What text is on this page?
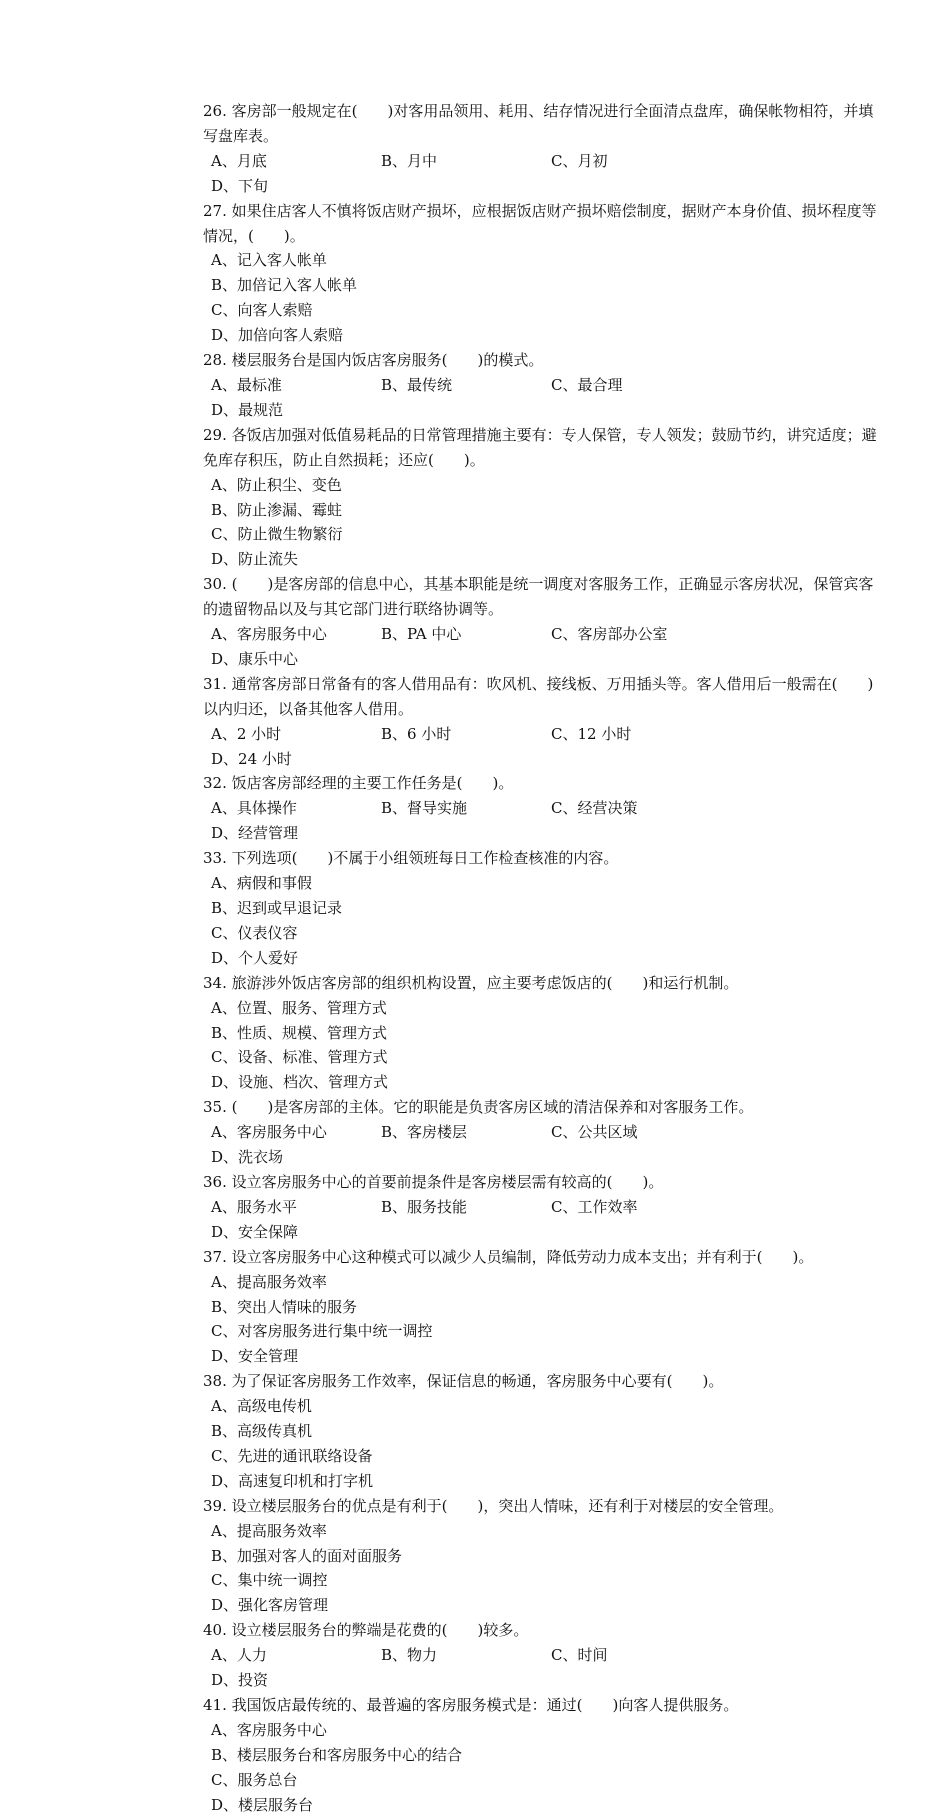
26. 客房部一般规定在(　　)对客用品领用、耗用、结存情况进行全面清点盘库，确保帐物相符，并填写盘库表。

A、月底	B、月中	C、月初
D、下旬

27. 如果住店客人不慎将饭店财产损坏，应根据饭店财产损坏赔偿制度，据财产本身价值、损坏程度等情况，(　　)。

A、记入客人帐单
B、加倍记入客人帐单
C、向客人索赔
D、加倍向客人索赔

28. 楼层服务台是国内饭店客房服务(　　)的模式。

A、最标准	B、最传统	C、最合理
D、最规范

29. 各饭店加强对低值易耗品的日常管理措施主要有：专人保管，专人领发；鼓励节约，讲究适度；避免库存积压，防止自然损耗；还应(　　)。

A、防止积尘、变色
B、防止渗漏、霉蛀
C、防止微生物繁衍
D、防止流失

30. (　　)是客房部的信息中心，其基本职能是统一调度对客服务工作，正确显示客房状况，保管宾客的遗留物品以及与其它部门进行联络协调等。

A、客房服务中心	B、PA 中心	C、客房部办公室
D、康乐中心

31. 通常客房部日常备有的客人借用品有：吹风机、接线板、万用插头等。客人借用后一般需在(　　)以内归还，以备其他客人借用。

A、2 小时	B、6 小时	C、12 小时
D、24 小时

32. 饭店客房部经理的主要工作任务是(　　)。

A、具体操作	B、督导实施	C、经营决策
D、经营管理

33. 下列选项(　　)不属于小组领班每日工作检查核准的内容。

A、病假和事假
B、迟到或早退记录
C、仪表仪容
D、个人爱好

34. 旅游涉外饭店客房部的组织机构设置，应主要考虑饭店的(　　)和运行机制。

A、位置、服务、管理方式
B、性质、规模、管理方式
C、设备、标准、管理方式
D、设施、档次、管理方式

35. (　　)是客房部的主体。它的职能是负责客房区域的清洁保养和对客服务工作。

A、客房服务中心	B、客房楼层	C、公共区域
D、洗衣场

36. 设立客房服务中心的首要前提条件是客房楼层需有较高的(　　)。

A、服务水平	B、服务技能	C、工作效率
D、安全保障

37. 设立客房服务中心这种模式可以减少人员编制，降低劳动力成本支出；并有利于(　　)。

A、提高服务效率
B、突出人情味的服务
C、对客房服务进行集中统一调控
D、安全管理

38. 为了保证客房服务工作效率，保证信息的畅通，客房服务中心要有(　　)。

A、高级电传机
B、高级传真机
C、先进的通讯联络设备
D、高速复印机和打字机

39. 设立楼层服务台的优点是有利于(　　)，突出人情味，还有利于对楼层的安全管理。

A、提高服务效率
B、加强对客人的面对面服务
C、集中统一调控
D、强化客房管理

40. 设立楼层服务台的弊端是花费的(　　)较多。

A、人力	B、物力	C、时间
D、投资

41. 我国饭店最传统的、最普遍的客房服务模式是：通过(　　)向客人提供服务。

A、客房服务中心
B、楼层服务台和客房服务中心的结合
C、服务总台
D、楼层服务台
